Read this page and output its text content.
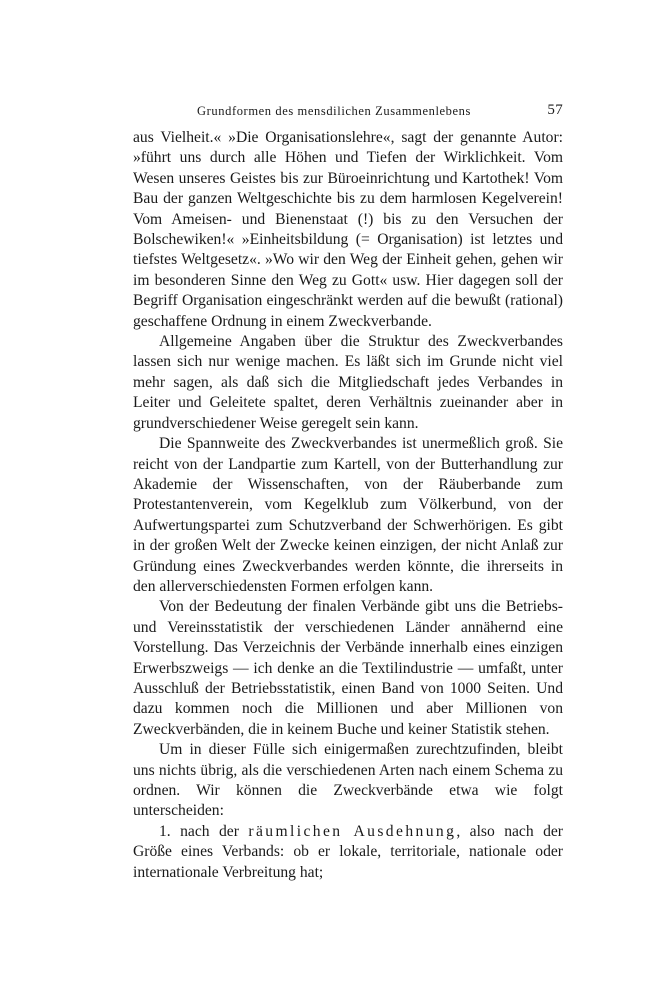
Grundformen des mensdilichen Zusammenlebens	57

aus Vielheit.« »Die Organisationslehre«, sagt der genannte Autor: »führt uns durch alle Höhen und Tiefen der Wirklichkeit. Vom Wesen unseres Geistes bis zur Büroeinrichtung und Kartothek! Vom Bau der ganzen Weltgeschichte bis zu dem harmlosen Kegelverein! Vom Ameisen- und Bienenstaat (!) bis zu den Versuchen der Bolschewiken!« »Einheitsbildung (= Organisation) ist letztes und tiefstes Weltgesetz«. »Wo wir den Weg der Einheit gehen, gehen wir im besonderen Sinne den Weg zu Gott« usw. Hier dagegen soll der Begriff Organisation eingeschränkt werden auf die bewußt (rational) geschaffene Ordnung in einem Zweckverbande.

Allgemeine Angaben über die Struktur des Zweckverbandes lassen sich nur wenige machen. Es läßt sich im Grunde nicht viel mehr sagen, als daß sich die Mitgliedschaft jedes Verbandes in Leiter und Geleitete spaltet, deren Verhältnis zueinander aber in grundverschiedener Weise geregelt sein kann.

Die Spannweite des Zweckverbandes ist unermeßlich groß. Sie reicht von der Landpartie zum Kartell, von der Butterhandlung zur Akademie der Wissenschaften, von der Räuberbande zum Protestantenverein, vom Kegelklub zum Völkerbund, von der Aufwertungspartei zum Schutzverband der Schwerhörigen. Es gibt in der großen Welt der Zwecke keinen einzigen, der nicht Anlaß zur Gründung eines Zweckverbandes werden könnte, die ihrerseits in den allerverschiedensten Formen erfolgen kann.

Von der Bedeutung der finalen Verbände gibt uns die Betriebs- und Vereinsstatistik der verschiedenen Länder annähernd eine Vorstellung. Das Verzeichnis der Verbände innerhalb eines einzigen Erwerbszweigs — ich denke an die Textilindustrie — umfaßt, unter Ausschluß der Betriebsstatistik, einen Band von 1000 Seiten. Und dazu kommen noch die Millionen und aber Millionen von Zweckverbänden, die in keinem Buche und keiner Statistik stehen.

Um in dieser Fülle sich einigermaßen zurechtzufinden, bleibt uns nichts übrig, als die verschiedenen Arten nach einem Schema zu ordnen. Wir können die Zweckverbände etwa wie folgt unterscheiden:

1. nach der räumlichen Ausdehnung, also nach der Größe eines Verbands: ob er lokale, territoriale, nationale oder internationale Verbreitung hat;
